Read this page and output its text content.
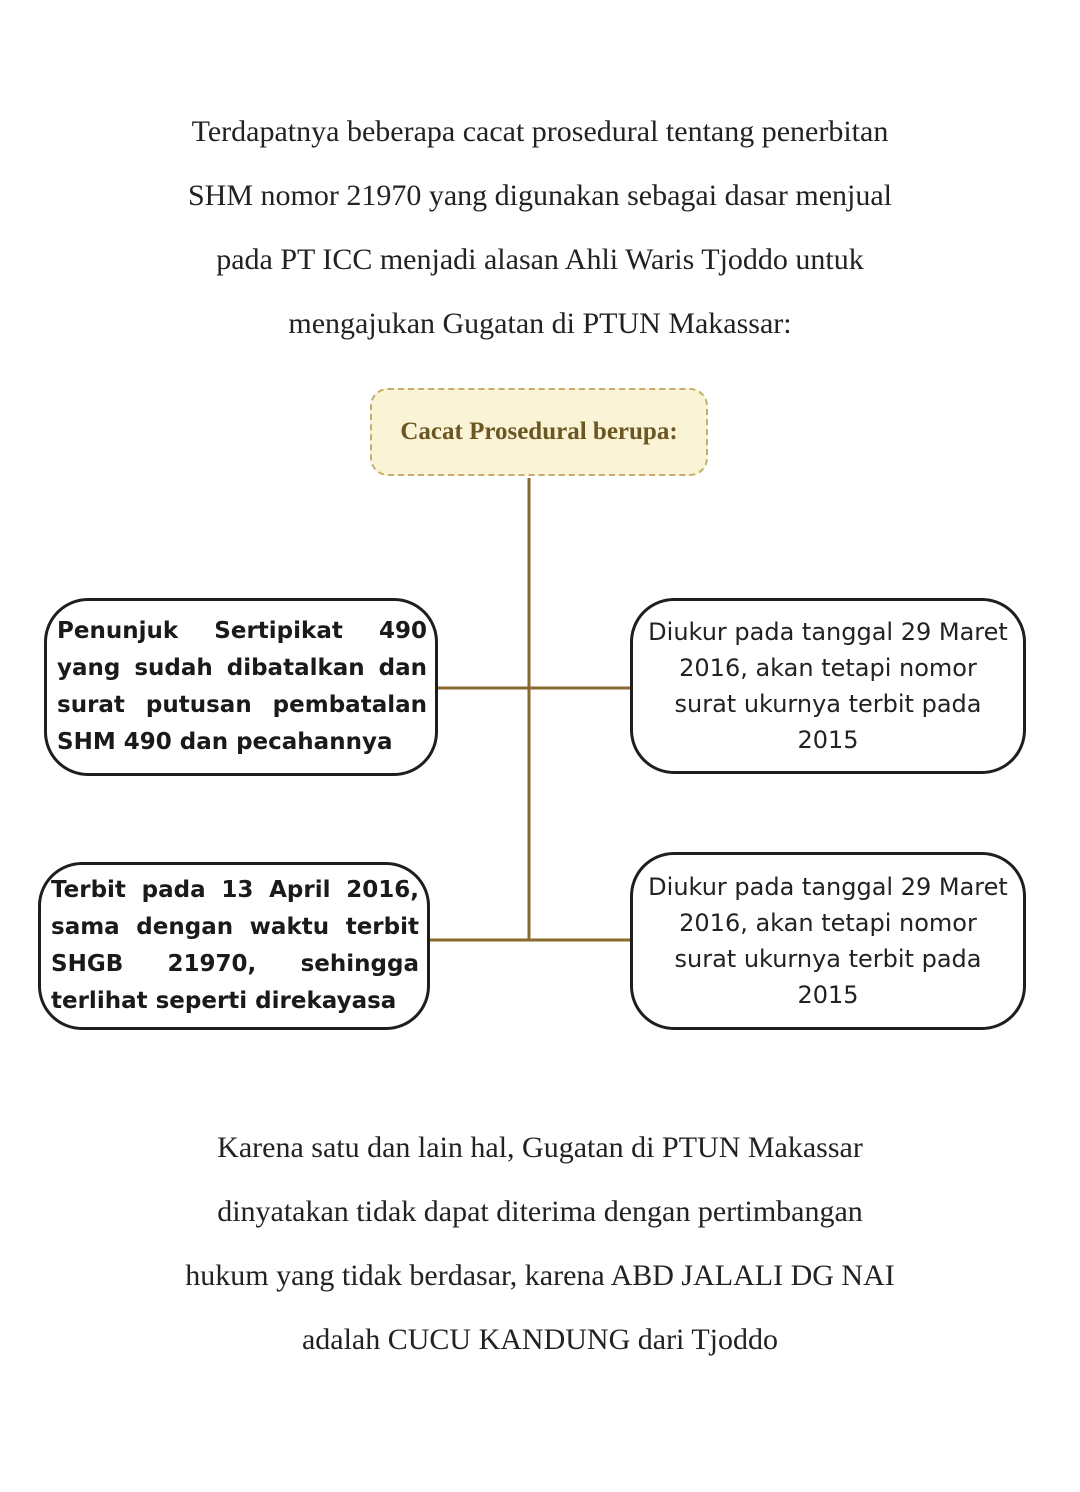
Terdapatnya beberapa cacat prosedural tentang penerbitan
SHM nomor 21970 yang digunakan sebagai dasar menjual
pada PT ICC menjadi alasan Ahli Waris Tjoddo untuk
mengajukan Gugatan di PTUN Makassar:

Cacat Prosedural berupa:

Penunjuk Sertipikat 490 yang sudah dibatalkan dan surat putusan pembatalan SHM 490 dan pecahannya

Terbit pada 13 April 2016, sama dengan waktu terbit SHGB 21970, sehingga terlihat seperti direkayasa

Diukur pada tanggal 29 Maret 2016, akan tetapi nomor surat ukurnya terbit pada 2015

Diukur pada tanggal 29 Maret 2016, akan tetapi nomor surat ukurnya terbit pada 2015

Karena satu dan lain hal, Gugatan di PTUN Makassar
dinyatakan tidak dapat diterima dengan pertimbangan
hukum yang tidak berdasar, karena ABD JALALI DG NAI
adalah CUCU KANDUNG dari Tjoddo
